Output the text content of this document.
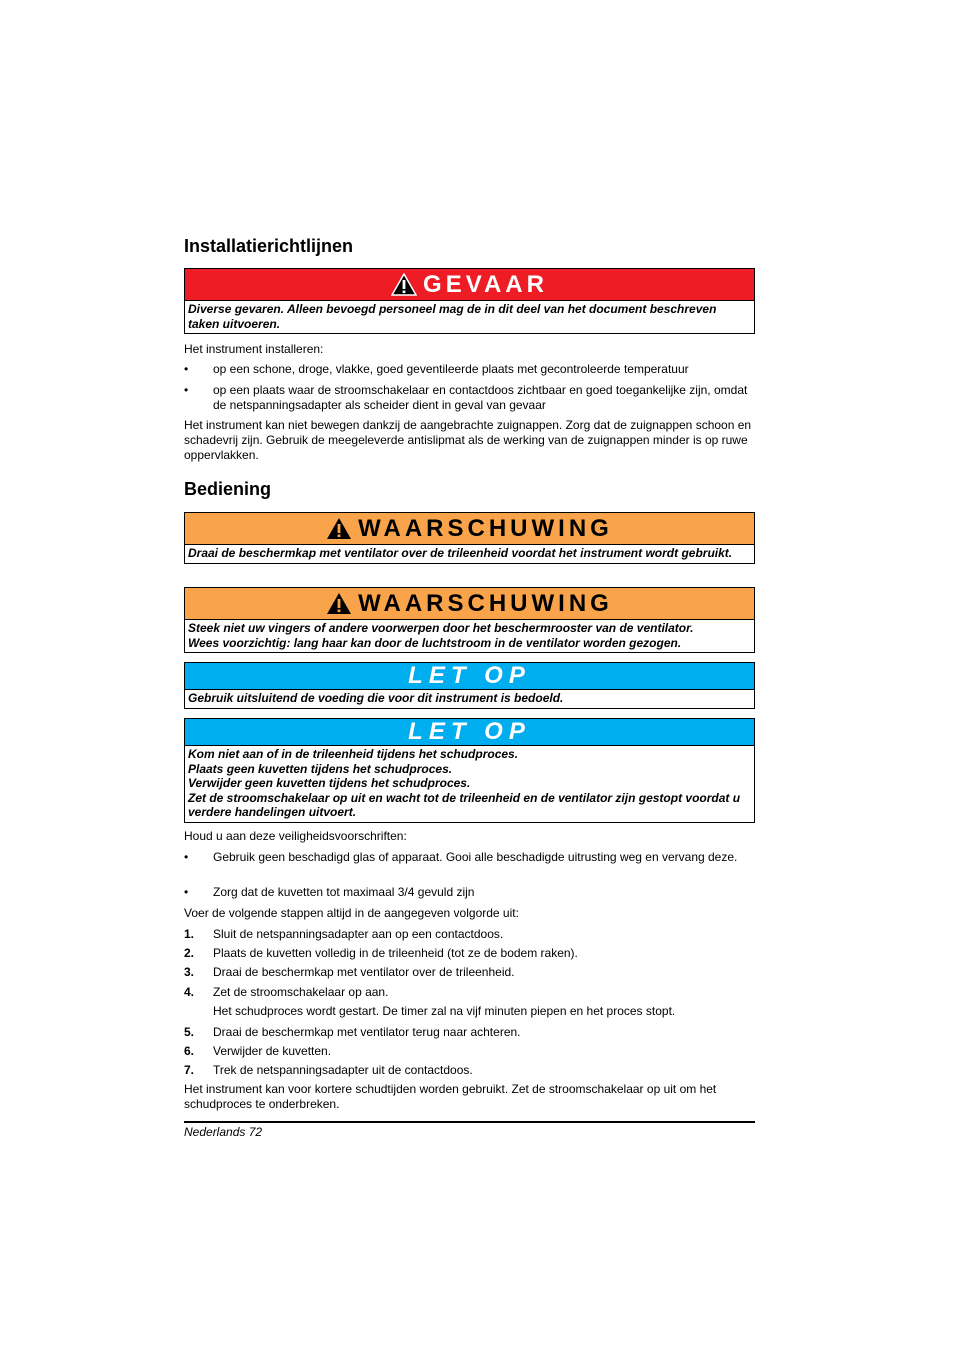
Installatierichtlijnen
GEVAAR
Diverse gevaren. Alleen bevoegd personeel mag de in dit deel van het document beschreven taken uitvoeren.

Het instrument installeren:

• op een schone, droge, vlakke, goed geventileerde plaats met gecontroleerde temperatuur
• op een plaats waar de stroomschakelaar en contactdoos zichtbaar en goed toegankelijke zijn, omdat de netspanningsadapter als scheider dient in geval van gevaar

Het instrument kan niet bewegen dankzij de aangebrachte zuignappen. Zorg dat de zuignappen schoon en schadevrij zijn. Gebruik de meegeleverde antislipmat als de werking van de zuignappen minder is op ruwe oppervlakken.

Bediening
WAARSCHUWING
Draai de beschermkap met ventilator over de trileenheid voordat het instrument wordt gebruikt.
WAARSCHUWING
Steek niet uw vingers of andere voorwerpen door het beschermrooster van de ventilator.
Wees voorzichtig: lang haar kan door de luchtstroom in de ventilator worden gezogen.
LET OP
Gebruik uitsluitend de voeding die voor dit instrument is bedoeld.
LET OP
Kom niet aan of in de trileenheid tijdens het schudproces.
Plaats geen kuvetten tijdens het schudproces.
Verwijder geen kuvetten tijdens het schudproces.
Zet de stroomschakelaar op uit en wacht tot de trileenheid en de ventilator zijn gestopt voordat u verdere handelingen uitvoert.

Houd u aan deze veiligheidsvoorschriften:

• Gebruik geen beschadigd glas of apparaat. Gooi alle beschadigde uitrusting weg en vervang deze.
• Zorg dat de kuvetten tot maximaal 3/4 gevuld zijn

Voer de volgende stappen altijd in de aangegeven volgorde uit:

1. Sluit de netspanningsadapter aan op een contactdoos.
2. Plaats de kuvetten volledig in de trileenheid (tot ze de bodem raken).
3. Draai de beschermkap met ventilator over de trileenheid.
4. Zet de stroomschakelaar op aan.
Het schudproces wordt gestart. De timer zal na vijf minuten piepen en het proces stopt.
5. Draai de beschermkap met ventilator terug naar achteren.
6. Verwijder de kuvetten.
7. Trek de netspanningsadapter uit de contactdoos.

Het instrument kan voor kortere schudtijden worden gebruikt. Zet de stroomschakelaar op uit om het schudproces te onderbreken.

Nederlands 72
